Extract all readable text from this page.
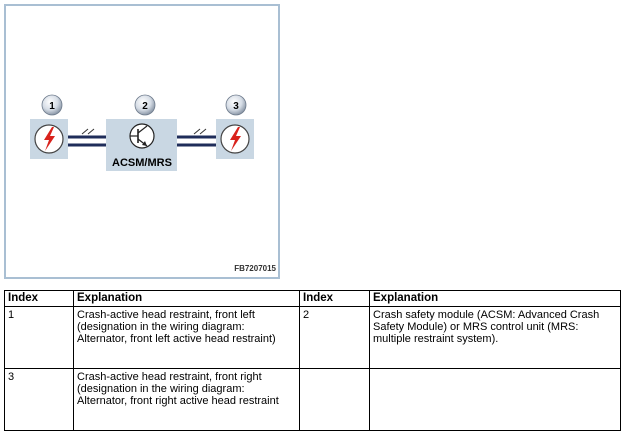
ACSM/MRS
1	2	3
FB7207015
Index	Explanation	Index	Explanation
1	Crash-active head restraint, front left (designation in the wiring diagram: Alternator, front left active head restraint)	2	Crash safety module (ACSM: Advanced Crash Safety Module) or MRS control unit (MRS: multiple restraint system).
3	Crash-active head restraint, front right (designation in the wiring diagram: Alternator, front right active head restraint		
